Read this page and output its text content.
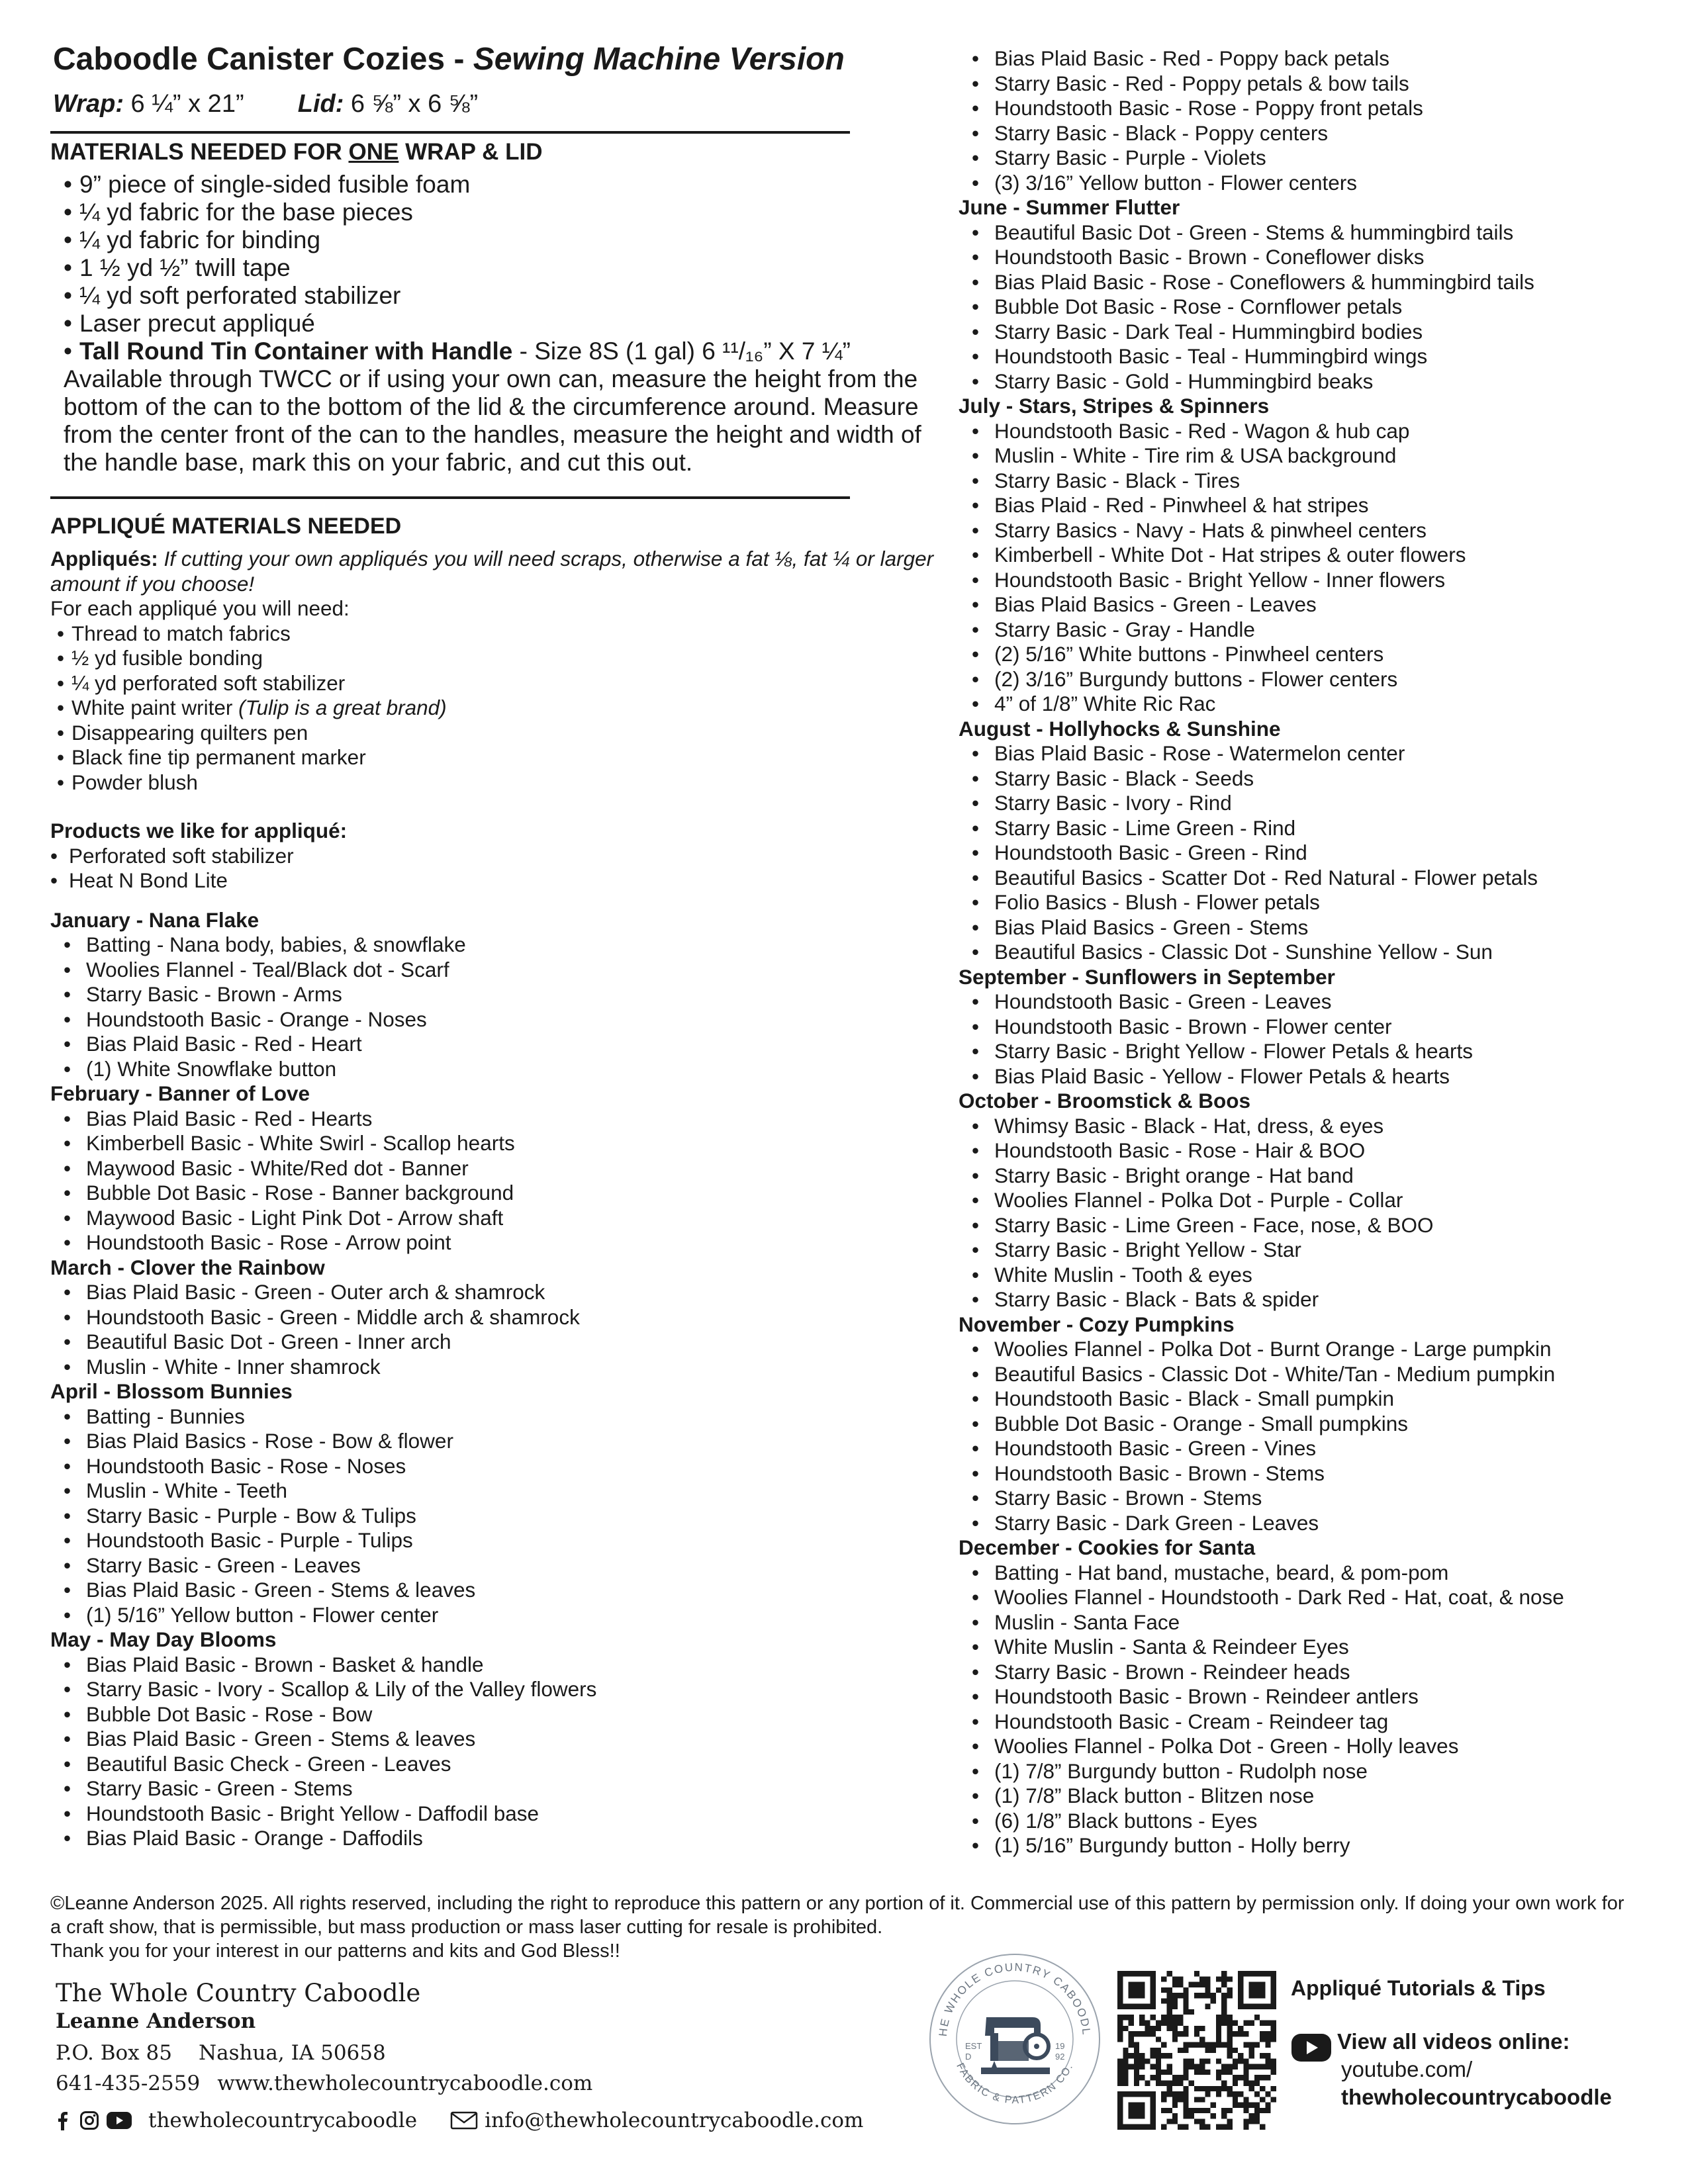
Caboodle Canister Cozies - Sewing Machine Version
Wrap: 6 ¼” x 21” Lid: 6 ⅝” x 6 ⅝”
MATERIALS NEEDED FOR ONE WRAP & LID
• 9” piece of single-sided fusible foam
• ¼ yd fabric for the base pieces
• ¼ yd fabric for binding
• 1 ½ yd ½” twill tape
• ¼ yd soft perforated stabilizer
• Laser precut appliqué
• Tall Round Tin Container with Handle - Size 8S (1 gal) 6 ¹¹/₁₆” X 7 ¼”
Available through TWCC or if using your own can, measure the height from the bottom of the can to the bottom of the lid & the circumference around. Measure from the center front of the can to the handles, measure the height and width of the handle base, mark this on your fabric, and cut this out.
APPLIQUÉ MATERIALS NEEDED
Appliqués: If cutting your own appliqués you will need scraps, otherwise a fat ⅛, fat ¼ or larger amount if you choose!
For each appliqué you will need:
• Thread to match fabrics
• ½ yd fusible bonding
• ¼ yd perforated soft stabilizer
• White paint writer (Tulip is a great brand)
• Disappearing quilters pen
• Black fine tip permanent marker
• Powder blush
Products we like for appliqué:
• Perforated soft stabilizer
• Heat N Bond Lite
January - Nana Flake
• Batting - Nana body, babies, & snowflake
• Woolies Flannel - Teal/Black dot - Scarf
• Starry Basic - Brown - Arms
• Houndstooth Basic - Orange - Noses
• Bias Plaid Basic - Red - Heart
• (1) White Snowflake button
February - Banner of Love
• Bias Plaid Basic - Red - Hearts
• Kimberbell Basic - White Swirl - Scallop hearts
• Maywood Basic - White/Red dot - Banner
• Bubble Dot Basic - Rose - Banner background
• Maywood Basic - Light Pink Dot - Arrow shaft
• Houndstooth Basic - Rose - Arrow point
March - Clover the Rainbow
• Bias Plaid Basic - Green - Outer arch & shamrock
• Houndstooth Basic - Green - Middle arch & shamrock
• Beautiful Basic Dot - Green - Inner arch
• Muslin - White - Inner shamrock
April - Blossom Bunnies
• Batting - Bunnies
• Bias Plaid Basics - Rose - Bow & flower
• Houndstooth Basic - Rose - Noses
• Muslin - White - Teeth
• Starry Basic - Purple - Bow & Tulips
• Houndstooth Basic - Purple - Tulips
• Starry Basic - Green - Leaves
• Bias Plaid Basic - Green - Stems & leaves
• (1) 5/16” Yellow button - Flower center
May - May Day Blooms
• Bias Plaid Basic - Brown - Basket & handle
• Starry Basic - Ivory - Scallop & Lily of the Valley flowers
• Bubble Dot Basic - Rose - Bow
• Bias Plaid Basic - Green - Stems & leaves
• Beautiful Basic Check - Green - Leaves
• Starry Basic - Green - Stems
• Houndstooth Basic - Bright Yellow - Daffodil base
• Bias Plaid Basic - Orange - Daffodils
• Bias Plaid Basic - Red - Poppy back petals
• Starry Basic - Red - Poppy petals & bow tails
• Houndstooth Basic - Rose - Poppy front petals
• Starry Basic - Black - Poppy centers
• Starry Basic - Purple - Violets
• (3) 3/16” Yellow button - Flower centers
June - Summer Flutter
• Beautiful Basic Dot - Green - Stems & hummingbird tails
• Houndstooth Basic - Brown - Coneflower disks
• Bias Plaid Basic - Rose - Coneflowers & hummingbird tails
• Bubble Dot Basic - Rose - Cornflower petals
• Starry Basic - Dark Teal - Hummingbird bodies
• Houndstooth Basic - Teal - Hummingbird wings
• Starry Basic - Gold - Hummingbird beaks
July - Stars, Stripes & Spinners
• Houndstooth Basic - Red - Wagon & hub cap
• Muslin - White - Tire rim & USA background
• Starry Basic - Black - Tires
• Bias Plaid - Red - Pinwheel & hat stripes
• Starry Basics - Navy - Hats & pinwheel centers
• Kimberbell - White Dot - Hat stripes & outer flowers
• Houndstooth Basic - Bright Yellow - Inner flowers
• Bias Plaid Basics - Green - Leaves
• Starry Basic - Gray - Handle
• (2) 5/16” White buttons - Pinwheel centers
• (2) 3/16” Burgundy buttons - Flower centers
• 4” of 1/8” White Ric Rac
August - Hollyhocks & Sunshine
• Bias Plaid Basic - Rose - Watermelon center
• Starry Basic - Black - Seeds
• Starry Basic - Ivory - Rind
• Starry Basic - Lime Green - Rind
• Houndstooth Basic - Green - Rind
• Beautiful Basics - Scatter Dot - Red Natural - Flower petals
• Folio Basics - Blush - Flower petals
• Bias Plaid Basics - Green - Stems
• Beautiful Basics - Classic Dot - Sunshine Yellow - Sun
September - Sunflowers in September
• Houndstooth Basic - Green - Leaves
• Houndstooth Basic - Brown - Flower center
• Starry Basic - Bright Yellow - Flower Petals & hearts
• Bias Plaid Basic - Yellow - Flower Petals & hearts
October - Broomstick & Boos
• Whimsy Basic - Black - Hat, dress, & eyes
• Houndstooth Basic - Rose - Hair & BOO
• Starry Basic - Bright orange - Hat band
• Woolies Flannel - Polka Dot - Purple - Collar
• Starry Basic - Lime Green - Face, nose, & BOO
• Starry Basic - Bright Yellow - Star
• White Muslin - Tooth & eyes
• Starry Basic - Black - Bats & spider
November - Cozy Pumpkins
• Woolies Flannel - Polka Dot - Burnt Orange - Large pumpkin
• Beautiful Basics - Classic Dot - White/Tan - Medium pumpkin
• Houndstooth Basic - Black - Small pumpkin
• Bubble Dot Basic - Orange - Small pumpkins
• Houndstooth Basic - Green - Vines
• Houndstooth Basic - Brown - Stems
• Starry Basic - Brown - Stems
• Starry Basic - Dark Green - Leaves
December - Cookies for Santa
• Batting - Hat band, mustache, beard, & pom-pom
• Woolies Flannel - Houndstooth - Dark Red - Hat, coat, & nose
• Muslin - Santa Face
• White Muslin - Santa & Reindeer Eyes
• Starry Basic - Brown - Reindeer heads
• Houndstooth Basic - Brown - Reindeer antlers
• Houndstooth Basic - Cream - Reindeer tag
• Woolies Flannel - Polka Dot - Green - Holly leaves
• (1) 7/8” Burgundy button - Rudolph nose
• (1) 7/8” Black button - Blitzen nose
• (6) 1/8” Black buttons - Eyes
• (1) 5/16” Burgundy button - Holly berry
©Leanne Anderson 2025. All rights reserved, including the right to reproduce this pattern or any portion of it. Commercial use of this pattern by permission only. If doing your own work for a craft show, that is permissible, but mass production or mass laser cutting for resale is prohibited.
Thank you for your interest in our patterns and kits and God Bless!!
The Whole Country Caboodle
Leanne Anderson
P.O. Box 85 Nashua, IA 50658
641-435-2559 www.thewholecountrycaboodle.com
thewholecountrycaboodle	info@thewholecountrycaboodle.com
HE WHOLE COUNTRY CABOODL
FABRIC & PATTERN CO.
EST
D
19
92
Appliqué Tutorials & Tips
View all videos online:
youtube.com/
thewholecountrycaboodle
